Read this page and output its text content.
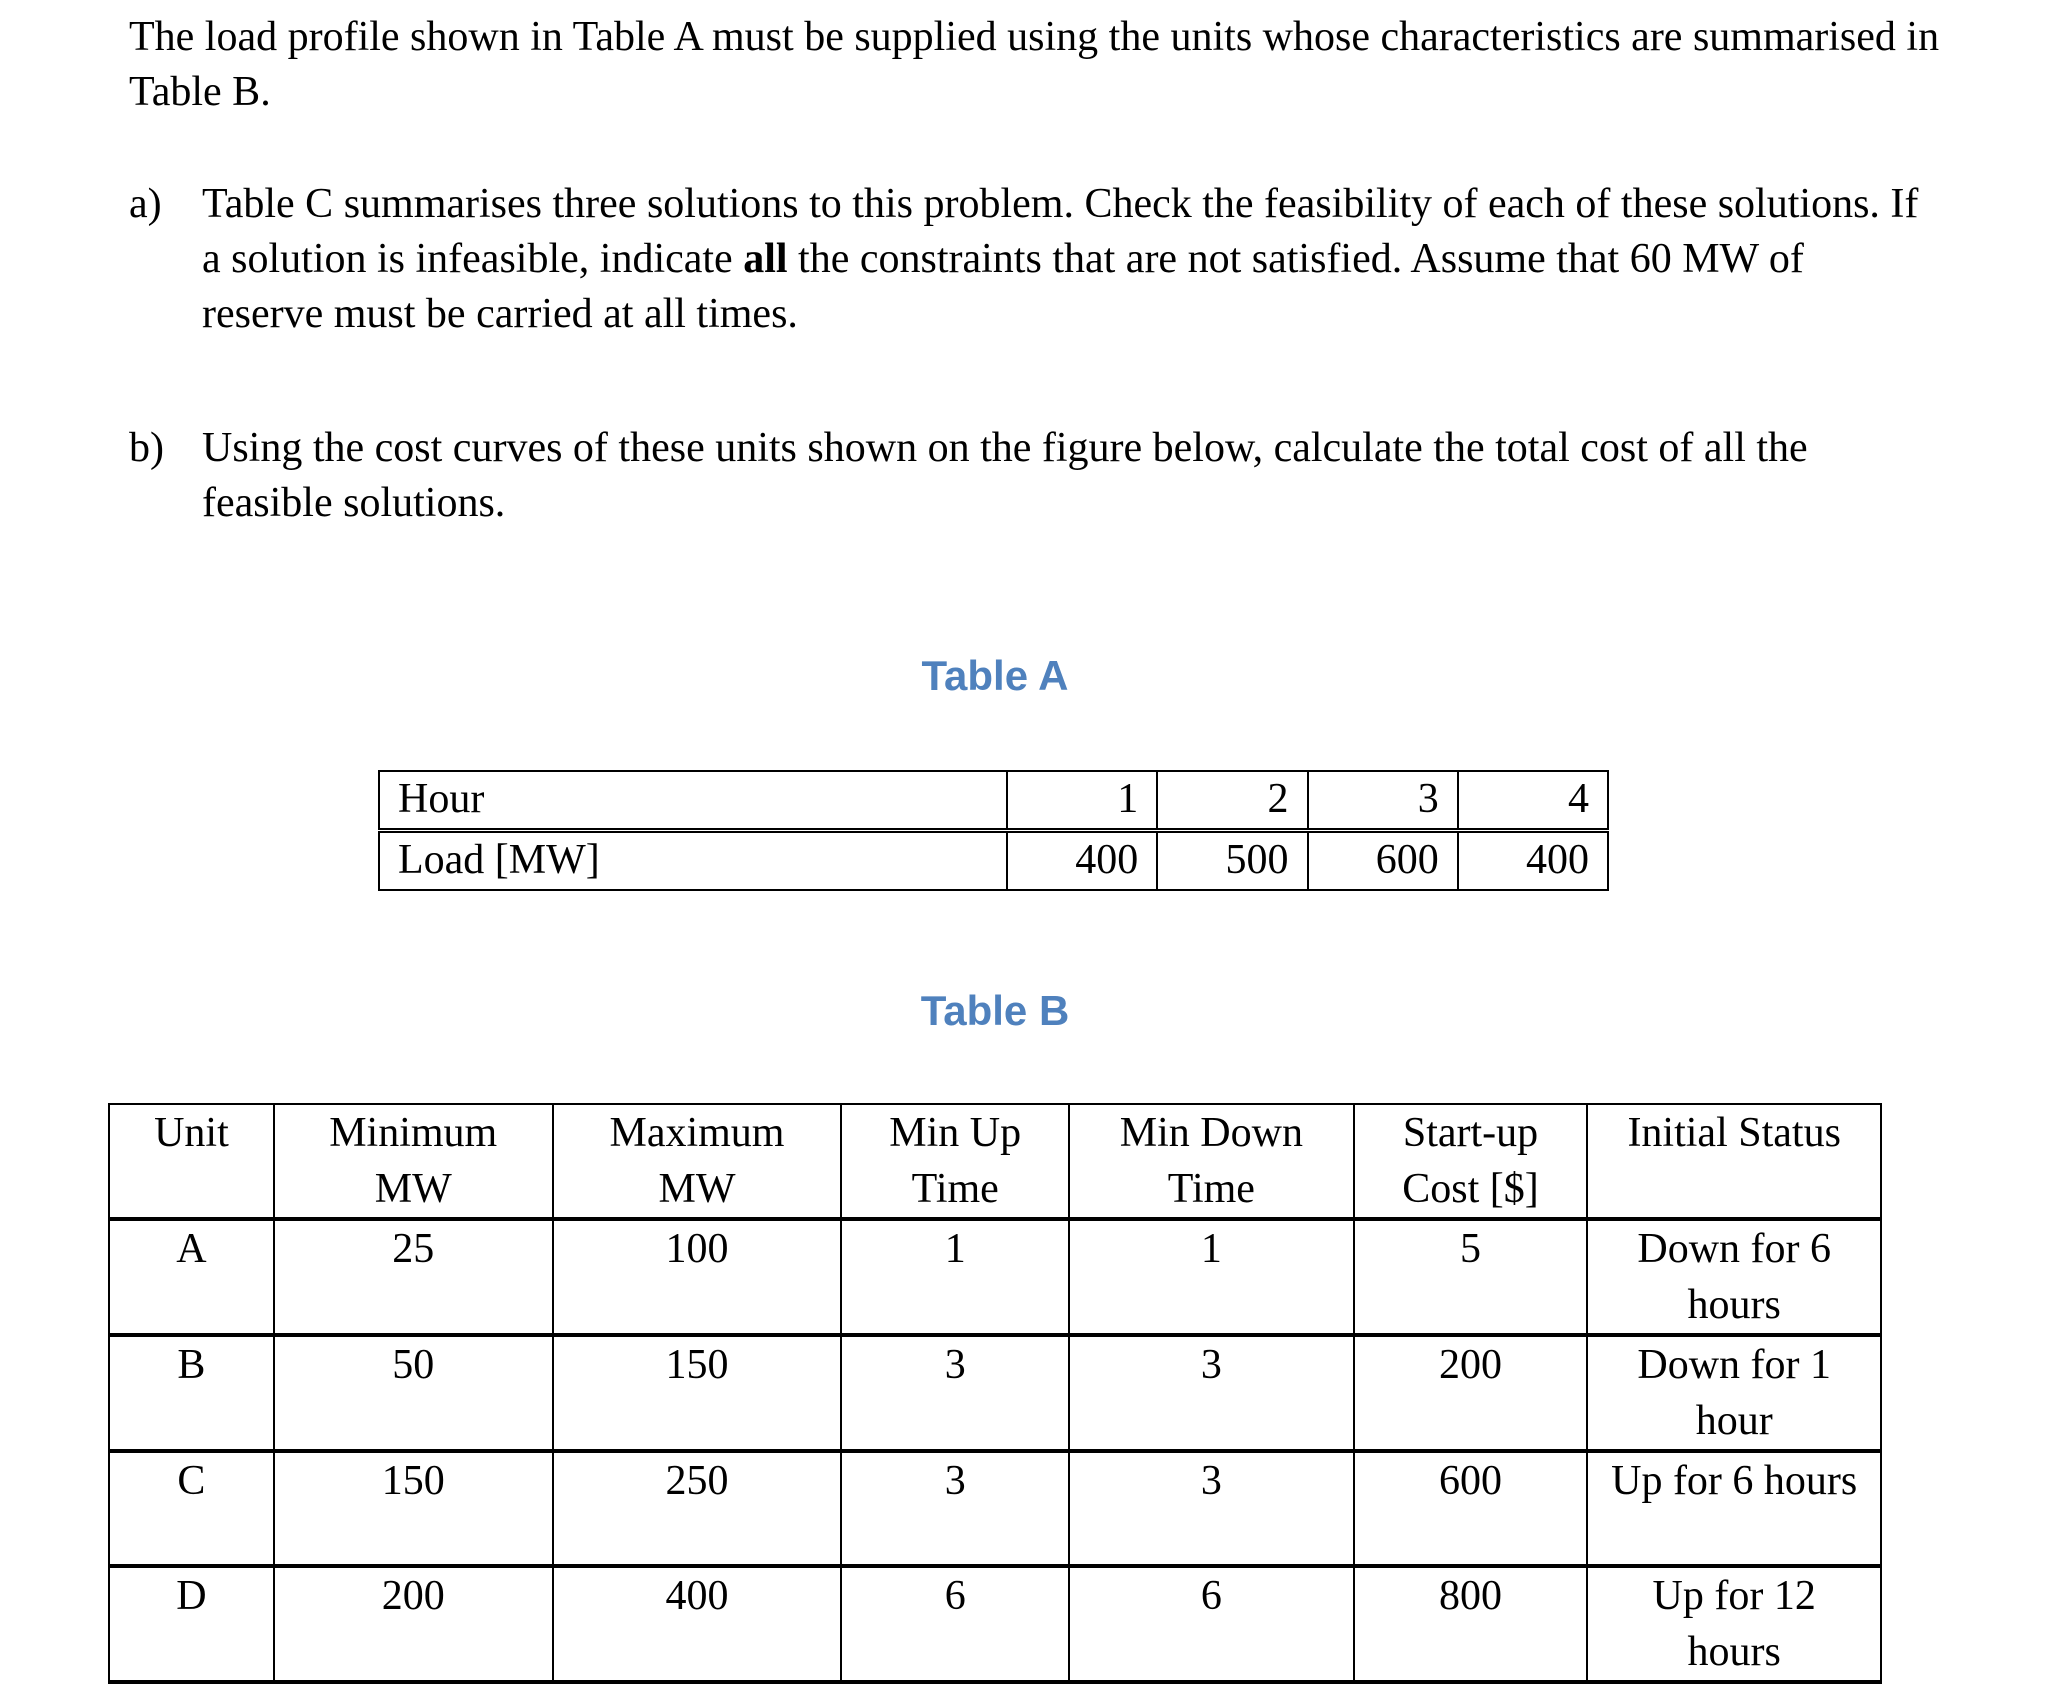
The load profile shown in Table A must be supplied using the units whose characteristics are summarised in Table B.
a) Table C summarises three solutions to this problem. Check the feasibility of each of these solutions. If a solution is infeasible, indicate all the constraints that are not satisfied. Assume that 60 MW of reserve must be carried at all times.
b) Using the cost curves of these units shown on the figure below, calculate the total cost of all the feasible solutions.
Table A
Hour	1	2	3	4
Load [MW]	400	500	600	400
Table B
Unit	Minimum MW	Maximum MW	Min Up Time	Min Down Time	Start-up Cost [$]	Initial Status
A	25	100	1	1	5	Down for 6 hours
B	50	150	3	3	200	Down for 1 hour
C	150	250	3	3	600	Up for 6 hours
D	200	400	6	6	800	Up for 12 hours
